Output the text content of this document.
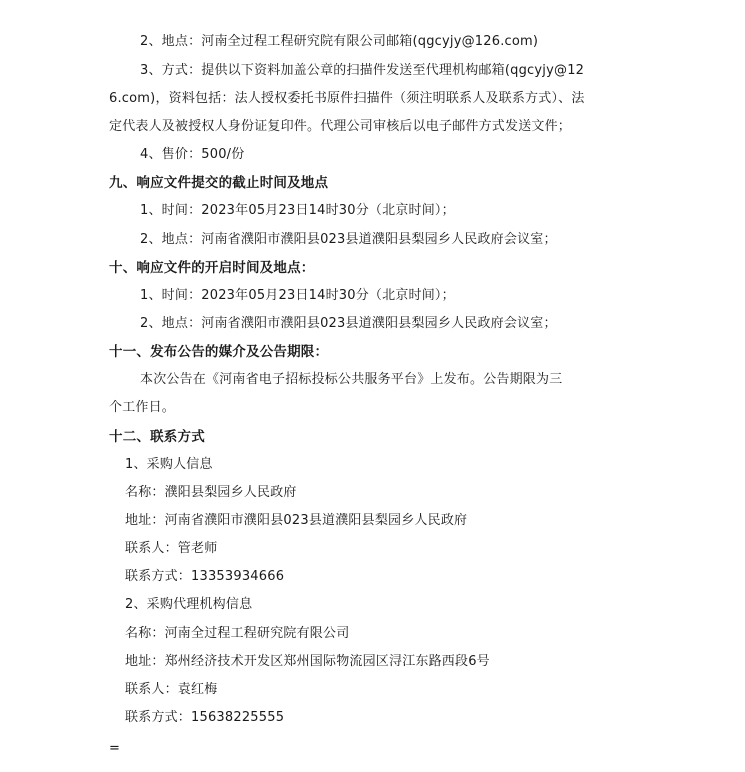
2、地点：河南全过程工程研究院有限公司邮箱(qgcyjy@126.com)
3、方式：提供以下资料加盖公章的扫描件发送至代理机构邮箱(qgcyjy@12
6.com)，资料包括：法人授权委托书原件扫描件（须注明联系人及联系方式）、法
定代表人及被授权人身份证复印件。代理公司审核后以电子邮件方式发送文件；
4、售价：500/份
九、响应文件提交的截止时间及地点
1、时间：2023年05月23日14时30分（北京时间）；
2、地点：河南省濮阳市濮阳县023县道濮阳县梨园乡人民政府会议室；
十、响应文件的开启时间及地点：
1、时间：2023年05月23日14时30分（北京时间）；
2、地点：河南省濮阳市濮阳县023县道濮阳县梨园乡人民政府会议室；
十一、发布公告的媒介及公告期限：
本次公告在《河南省电子招标投标公共服务平台》上发布。公告期限为三
个工作日。
十二、联系方式
1、采购人信息
名称：濮阳县梨园乡人民政府
地址：河南省濮阳市濮阳县023县道濮阳县梨园乡人民政府
联系人：管老师
联系方式：13353934666
2、采购代理机构信息
名称：河南全过程工程研究院有限公司
地址：郑州经济技术开发区郑州国际物流园区浔江东路西段6号
联系人：袁红梅
联系方式：15638225555
=
